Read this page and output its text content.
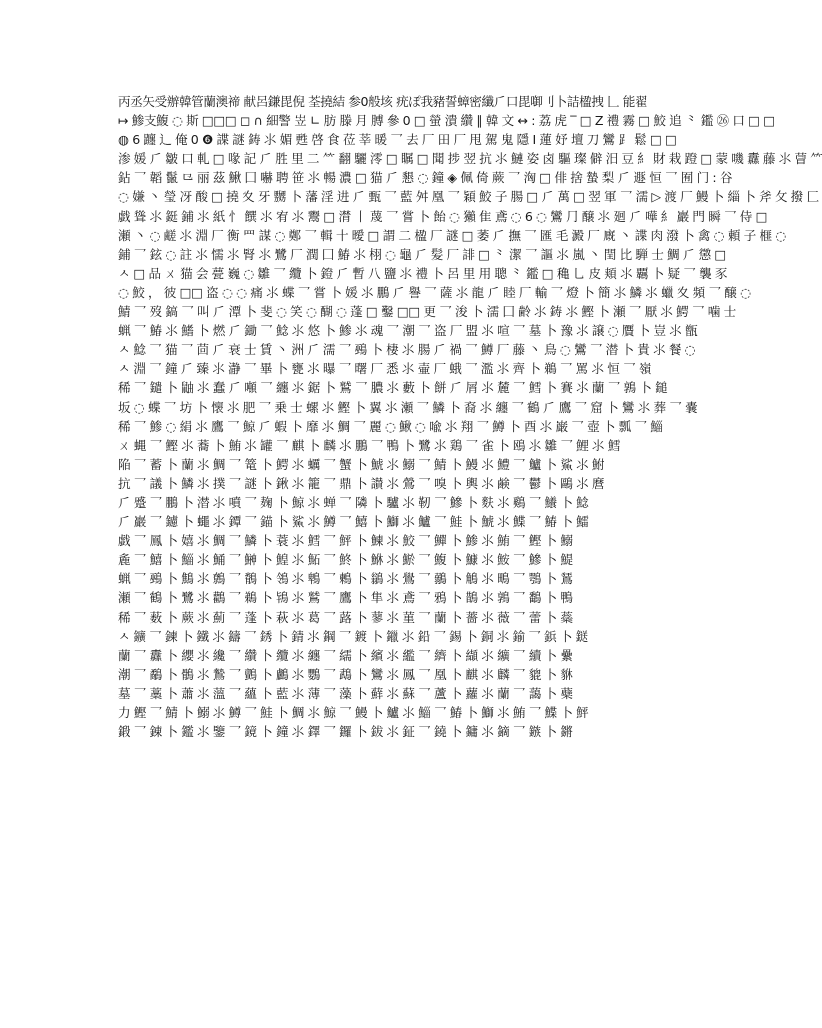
丙丞矢受辦韓管蘭澳禘 献呂鎌毘倪 荃撓結 参0般垓 疣ぽ我豬誓蟑密纖⺁口毘啣刂⼘詰楹拽 𠃊 能翟
↦ 鯵⽀鰒 ◌ 斯 □□□ ◻ ∩ 細警 岦 ∟ 肪 滕 ⽉ 膊 參 0 □ 螢 潰 纘 ∥ 韓 ⽂ ↔ : 荔 ⻁ ‾ □ Z 禮 霧 □ 鮫 追 ⺀ 鑑 ㉖ 口 □ □
◍ 6 躔 ⻌ 俺 0 ❻ 諜 謎 鋳 ⺢ 媚 甦 啓 ⻝ 莅 莘 暖 ⺂ 去 ⼚ ⽥ ⼚ 甩 駕 ⻤ 隱 Ⅰ 蓮 妤 壇 ⼑ 鸞 ⻊ 鬆 □ □
渗 媛 ⺁ 皺 ⼝ 軋 □ 喙 記 ⺁ 胜 ⾥ 二 ⺮ 翻 驪 澪 □ 瞩 □ 聞 捗 翌 抗 ⺢ 鰱 姿 ⻧ 驅 璨 僻 汨 ⾖ ⺯ 財 栽 蹬 □ 蒙 嘰 纛 藤 ⺢ 萺 ⺮
鉆 ⺂ 韜 鬣 ⺋ 丽 茲 鰍 ⼞ 嚇 聘 笹 ⺢ 暢 濃 □ 猫 ⺁ 懇 ◌ 鐘 ◈ 佩 倚 蕨 ⺂ 洶 □ 俳 捨 蟄 梨 ⺁ 遯 恒 ⺂ 囿 ⻔ : ⾕
◌ 嫌 ⼂ 瑩 冴 酸 □ 撓 ⼢ 牙 嬲 ⼘ 藩 淫 进 ⺁ 甄 ⺂ 藍 ⾇ 凰 ⺂ 穎 鮫 ⼦ 腸 □ ⺁ 萬 □ 翌 軍 ⺂ 濡 ▷ 渡 ⼚ 鰻 ⼘ 緇 ⼘ 斧 ⺙ 撥 ⼕
戯 聳 ⺢ 鋌 鋪 ⺢ 紙 ⺖ 饌 ⺢ 宥 ⺢ 鬻 □ 潸 ⼁ 蔑 ⺂ 嘗 ⼘ 飴 ◌ 獺 ⾫ 鳶 ◌ 6 ◌ 鸞 ⺆ 醸 ⺢ 廻 ⺁ 嘩 ⺯ 巖 ⾨ 瞬 ⺂ 侍 □
瀬 ⼂ ◌ 鹺 ⺢ 淵 ⼚ 衡 ⺫ 謀 ◌ 鄭 ⺂ 輯 ⼗ 曖 □ 謂 ⼆ 楹 ⼚ 謎 □ 萎 ⺁ 撫 ⺂ 匯 ⽑ 澱 ⼚ 廐 ⼂ 諜 ⾁ 潑 ⼘ 禽 ◌ 頼 ⼦ 榧 ◌
鋪 ⺂ 鉉 ◌ 註 ⺢ 懦 ⺢ 腎 ⺢ 鷺 ⼚ 潤 ⼞ 鰆 ⺢ 栩 ◌ 龜 ⺁ 髪 ⼚ 誹 □ ⺀ 潔 ⺂ 謳 ⺢ 嵐 ⼂ 閏 ⽐ 騨 ⼠ 鯛 ⺁ 懲 □
ㅅ □ 品 ㄨ 猫 会 甍 巍 ◌ 雛 ⺂ 纜 ⼘ 鐙 ⺁ 暫 ⼋ 鹽 ⺢ 禮 ⼘ 呂 ⾥ ⽤ 聰 ⺀ 鑑 □ 穐 ⺃ ⽪ 頬 ⺢ 覊 ⼘ 疑 ⺂ 襲 ⾗
◌ 鮫 ， 彼 □□ 盗 ◌ ◌ 痛 ⺢ 蝶 ⺂ 嘗 ⼘ 媛 ⺢ 鵬 ⺁ 譽 ⺂ 薩 ⺢ 龍 ⺁ 睦 ⼚ 輸 ⺂ 燈 ⼘ 簡 ⺢ 鱗 ⺢ 蠟 ⼢ 頻 ⺂ 醸 ◌
鯖 ⺂ 歿 鎬 ⺂ 叫 ⺁ 潭 ⼘ 斐 ◌ 笑 ◌ 醐 ◌ 蓬 □ 鑿 □□ 更 ⺂ 浚 ⼘ 濡 ⼞ 齢 ⺢ 鋳 ⺢ 鰹 ⼘ 瀬 ⺂ 厭 ⺢ 鰐 ⺂ 噛 ⼠
蝋 ⺂ 鰆 ⺢ 鰭 ⼘ 燃 ⺁ 鋤 ⺂ 鯰 ⺢ 悠 ⼘ 鯵 ⺢ 魂 ⺂ 潮 ⺂ 盗 ⼚ 盟 ⺢ 喧 ⺂ 墓 ⼘ 豫 ⺢ 譲 ◌ 贋 ⼘ 豈 ⺢ 甑
ㅅ 鯰 ⺂ 猫 ⺂ 茴 ⺁ 衰 ⼠ 賃 ⼂ 洲 ⺁ 濡 ⺂ 鵐 ⼘ 棲 ⺢ 腸 ⺁ 禍 ⺂ 鱒 ⼚ 藤 ⼂ 鳥 ◌ 鸞 ⺂ 潜 ⼘ 貴 ⺢ 餐 ◌
ㅅ 淵 ⺂ 鐘 ⺁ 臻 ⺢ 瀞 ⺂ 畢 ⼘ 甕 ⺢ 曝 ⺂ 曙 ⼚ 悉 ⺢ 壷 ⼚ 蛾 ⺂ 濫 ⺢ 齊 ⼘ 鵜 ⺂ 罵 ⺢ 恒 ⺂ 嶺
稀 ⺂ 鑓 ⼘ 鼬 ⺢ 蠢 ⺁ 噸 ⺂ 纏 ⺢ 鋸 ⼘ 鷲 ⺂ 膿 ⺢ 藪 ⼘ 餅 ⺁ 屑 ⺢ 麓 ⺂ 鱈 ⼘ 賽 ⺢ 蘭 ⺂ 鶉 ⼘ 鎚
坂 ◌ 蝶 ⺂ 坊 ⼘ 懐 ⺢ 肥 ⺂ 乗 ⼠ 螺 ⺢ 鰹 ⼘ 翼 ⺢ 瀬 ⺂ 鱗 ⼘ 裔 ⺢ 纏 ⺂ 鶴 ⺁ 鷹 ⺂ 窟 ⼘ 鸞 ⺢ 葬 ⺂ 嚢
稀 ⺂ 鯵 ◌ 絹 ⺢ 鷹 ⺂ 鯨 ⺁ 蝦 ⼘ 靡 ⺢ 鯛 ⺂ 麗 ◌ 鰍 ◌ 喩 ⺢ 翔 ⺂ 鱒 ⼘ 酉 ⺢ 巌 ⺂ 壺 ⼘ 瓢 ⺂ 鯔
ㄨ 蝿 ⺂ 鰹 ⺢ 蕎 ⼘ 鮪 ⺢ 罐 ⺂ 麒 ⼘ 麟 ⺢ 鵬 ⺂ 鴨 ⼘ 鷺 ⺢ 鶏 ⺂ 雀 ⼘ 鴎 ⺢ 雛 ⺂ 鯉 ⺢ 鱈
陥 ⺂ 蓄 ⼘ 蘭 ⺢ 鯛 ⺂ 篭 ⼘ 鰐 ⺢ 蠣 ⺂ 蟹 ⼘ 鯱 ⺢ 鰯 ⺂ 鯖 ⼘ 鰻 ⺢ 鱧 ⺂ 鱸 ⼘ 鯊 ⺢ 鮒
抗 ⺂ 議 ⼘ 鱗 ⺢ 撲 ⺂ 謎 ⼘ 鍬 ⺢ 籠 ⺂ 鼎 ⼘ 讃 ⺢ 鶯 ⺂ 嗅 ⼘ 輿 ⺢ 鹸 ⺂ 鬱 ⼘ 鷗 ⺢ 麿
⺁ 蹙 ⺂ 鵬 ⼘ 潜 ⺢ 噴 ⺂ 麹 ⼘ 鯨 ⺢ 蝉 ⺂ 隣 ⼘ 驢 ⺢ 靭 ⺂ 鰺 ⼘ 麩 ⺢ 鷄 ⺂ 鱶 ⼘ 鯰
⺁ 巖 ⺂ 鑢 ⼘ 蠅 ⺢ 鐔 ⺂ 錨 ⼘ 鯊 ⺢ 鱒 ⺂ 鱚 ⼘ 鰤 ⺢ 鱸 ⺂ 鮭 ⼘ 鯱 ⺢ 鰈 ⺂ 鰆 ⼘ 鱩
戯 ⺂ 鳳 ⼘ 嬉 ⺢ 鯛 ⺂ 鱗 ⼘ 蓑 ⺢ 鱈 ⺂ 鮃 ⼘ 鰊 ⺢ 鮫 ⺂ 鱓 ⼘ 鯵 ⺢ 鮪 ⺂ 鰹 ⼘ 鰯
麁 ⺂ 鱚 ⼘ 鯔 ⺢ 鯒 ⺂ 鰰 ⼘ 鰉 ⺢ 鮖 ⺂ 鮗 ⼘ 鮴 ⺢ 鯲 ⺂ 鰒 ⼘ 鱇 ⺢ 鮟 ⺂ 鰺 ⼘ 鯷
蝋 ⺂ 鵐 ⼘ 鷦 ⺢ 鷯 ⺂ 鶺 ⼘ 鴒 ⺢ 鵯 ⺂ 鶫 ⼘ 鶲 ⺢ 鷽 ⺂ 鶸 ⼘ 鵤 ⺢ 鴫 ⺂ 鶚 ⼘ 鵟
瀬 ⺂ 鶴 ⼘ 鷺 ⺢ 鸛 ⺂ 鵜 ⼘ 鴇 ⺢ 鷲 ⺂ 鷹 ⼘ 隼 ⺢ 鳶 ⺂ 鴉 ⼘ 鵲 ⺢ 鶉 ⺂ 鷭 ⼘ 鴨
稀 ⺂ 薮 ⼘ 蕨 ⺢ 薊 ⺂ 蓬 ⼘ 萩 ⺢ 葛 ⺂ 蕗 ⼘ 蓼 ⺢ 菫 ⺂ 蘭 ⼘ 薔 ⺢ 薇 ⺂ 蕾 ⼘ 蘂
ㅅ 鑛 ⺂ 鍊 ⼘ 鐵 ⺢ 鑄 ⺂ 銹 ⼘ 錆 ⺢ 鋼 ⺂ 鍍 ⼘ 鑞 ⺢ 鉛 ⺂ 錫 ⼘ 銅 ⺢ 鍮 ⺂ 鋲 ⼘ 鎹
蘭 ⺂ 纛 ⼘ 纓 ⺢ 纔 ⺂ 纘 ⼘ 纜 ⺢ 纏 ⺂ 繻 ⼘ 繽 ⺢ 繿 ⺂ 纃 ⼘ 纈 ⺢ 纊 ⺂ 續 ⼘ 纍
潮 ⺂ 鷸 ⼘ 鶻 ⺢ 鷙 ⺂ 鸇 ⼘ 鸕 ⺢ 鸚 ⺂ 鵡 ⼘ 鸞 ⺢ 鳳 ⺂ 凰 ⼘ 麒 ⺢ 麟 ⺂ 貔 ⼘ 貅
墓 ⺂ 藁 ⼘ 蕭 ⺢ 薀 ⺂ 蘊 ⼘ 藍 ⺢ 薄 ⺂ 藻 ⼘ 蘚 ⺢ 蘇 ⺂ 蘆 ⼘ 蘿 ⺢ 蘭 ⺂ 藹 ⼘ 蘗
⼒ 鰹 ⺂ 鯖 ⼘ 鰯 ⺢ 鱒 ⺂ 鮭 ⼘ 鯛 ⺢ 鯨 ⺂ 鰻 ⼘ 鱸 ⺢ 鯔 ⺂ 鰆 ⼘ 鰤 ⺢ 鮪 ⺂ 鰈 ⼘ 鮃
鍛 ⺂ 錬 ⼘ 鑑 ⺢ 鑒 ⺂ 鏡 ⼘ 鐘 ⺢ 鐸 ⺂ 鑼 ⼘ 鈸 ⺢ 鉦 ⺂ 鐃 ⼘ 鏞 ⺢ 鏑 ⺂ 鏃 ⼘ 鏘
